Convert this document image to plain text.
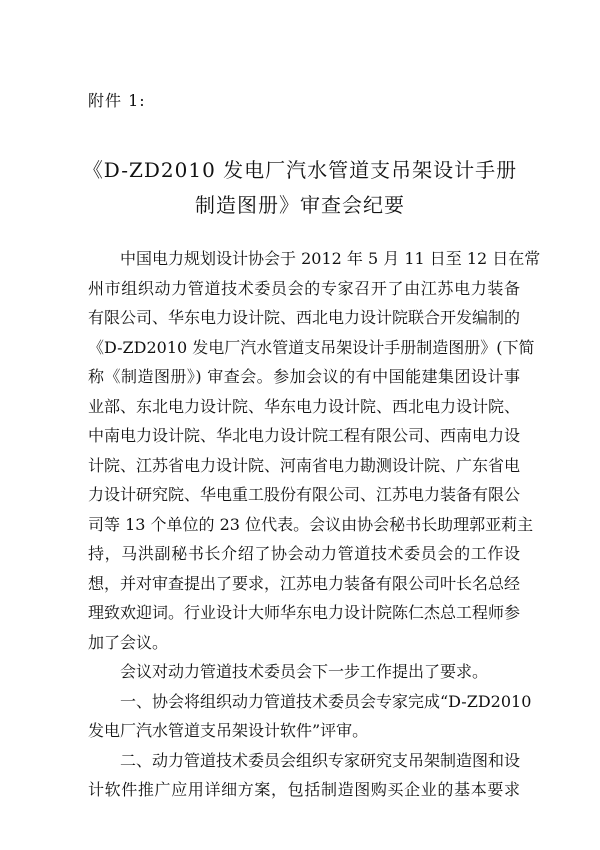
附件 1:
《D-ZD2010 发电厂汽水管道支吊架设计手册
制造图册》审查会纪要
中国电力规划设计协会于 2012 年 5 月 11 日至 12 日在常
州市组织动力管道技术委员会的专家召开了由江苏电力装备
有限公司、华东电力设计院、西北电力设计院联合开发编制的
《D-ZD2010 发电厂汽水管道支吊架设计手册制造图册》(下简
称《制造图册》) 审查会。参加会议的有中国能建集团设计事
业部、东北电力设计院、华东电力设计院、西北电力设计院、
中南电力设计院、华北电力设计院工程有限公司、西南电力设
计院、江苏省电力设计院、河南省电力勘测设计院、广东省电
力设计研究院、华电重工股份有限公司、江苏电力装备有限公
司等 13 个单位的 23 位代表。会议由协会秘书长助理郭亚莉主
持，马洪副秘书长介绍了协会动力管道技术委员会的工作设
想，并对审查提出了要求，江苏电力装备有限公司叶长名总经
理致欢迎词。行业设计大师华东电力设计院陈仁杰总工程师参
加了会议。
会议对动力管道技术委员会下一步工作提出了要求。
一、协会将组织动力管道技术委员会专家完成“D-ZD2010
发电厂汽水管道支吊架设计软件”评审。
二、动力管道技术委员会组织专家研究支吊架制造图和设
计软件推广应用详细方案，包括制造图购买企业的基本要求
